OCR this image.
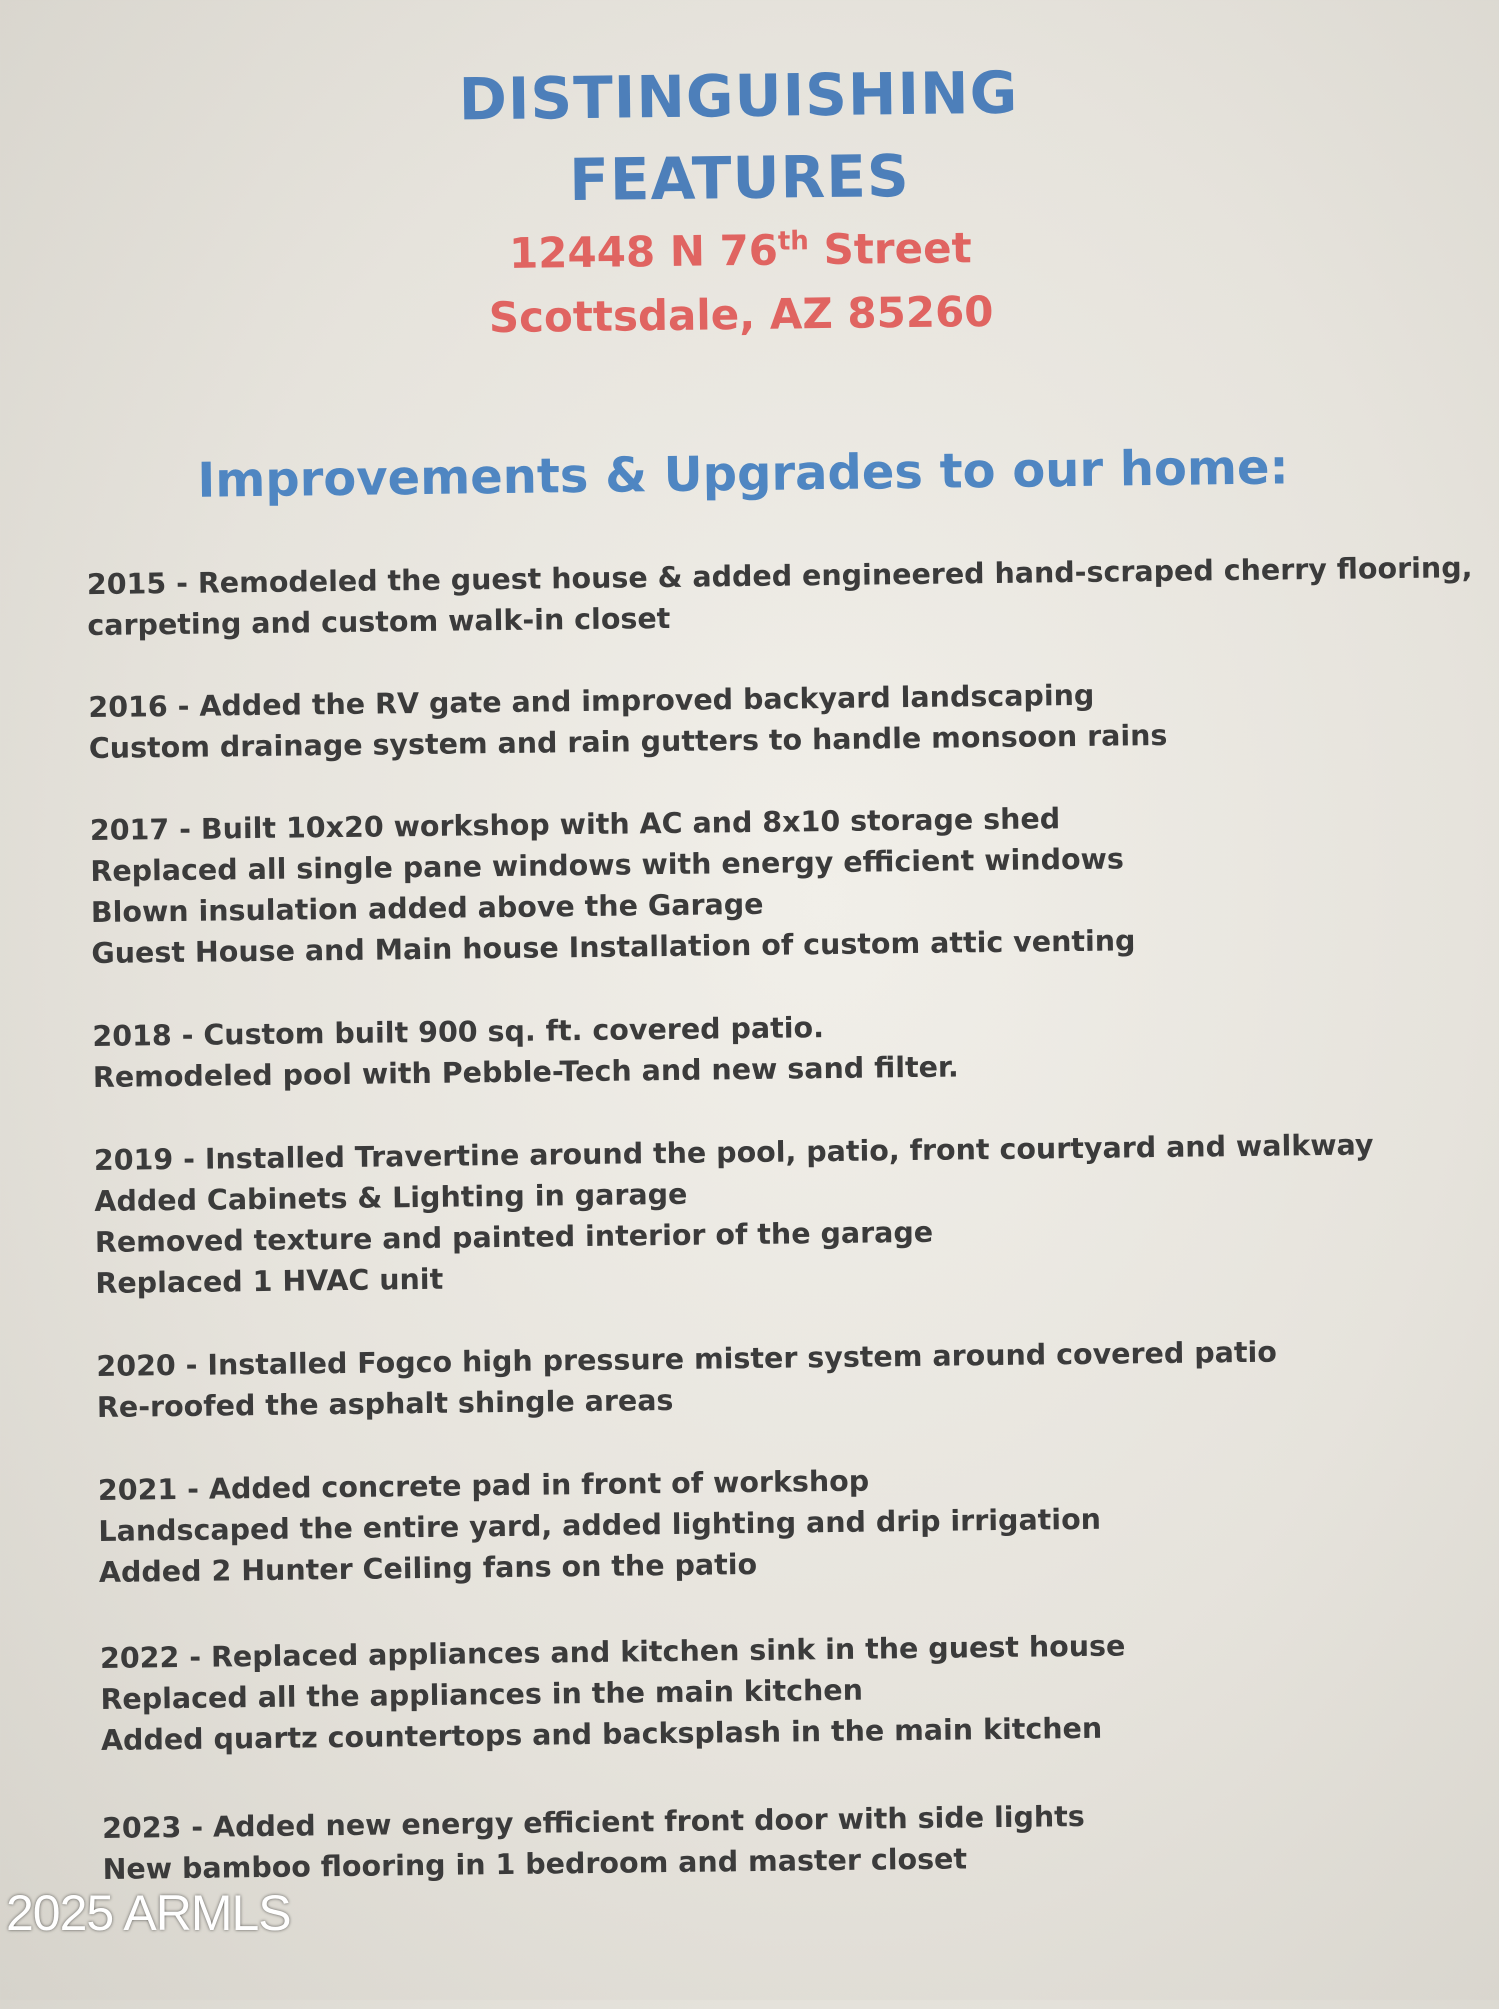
DISTINGUISHING
FEATURES
12448 N 76th Street
Scottsdale, AZ 85260
Improvements & Upgrades to our home:
2015 - Remodeled the guest house & added engineered hand-scraped cherry flooring,
carpeting and custom walk-in closet
2016 - Added the RV gate and improved backyard landscaping
Custom drainage system and rain gutters to handle monsoon rains
2017 - Built 10x20 workshop with AC and 8x10 storage shed
Replaced all single pane windows with energy efficient windows
Blown insulation added above the Garage
Guest House and Main house Installation of custom attic venting
2018 - Custom built 900 sq. ft. covered patio.
Remodeled pool with Pebble-Tech and new sand filter.
2019 - Installed Travertine around the pool, patio, front courtyard and walkway
Added Cabinets & Lighting in garage
Removed texture and painted interior of the garage
Replaced 1 HVAC unit
2020 - Installed Fogco high pressure mister system around covered patio
Re-roofed the asphalt shingle areas
2021 - Added concrete pad in front of workshop
Landscaped the entire yard, added lighting and drip irrigation
Added 2 Hunter Ceiling fans on the patio
2022 - Replaced appliances and kitchen sink in the guest house
Replaced all the appliances in the main kitchen
Added quartz countertops and backsplash in the main kitchen
2023 - Added new energy efficient front door with side lights
New bamboo flooring in 1 bedroom and master closet
2025 ARMLS
